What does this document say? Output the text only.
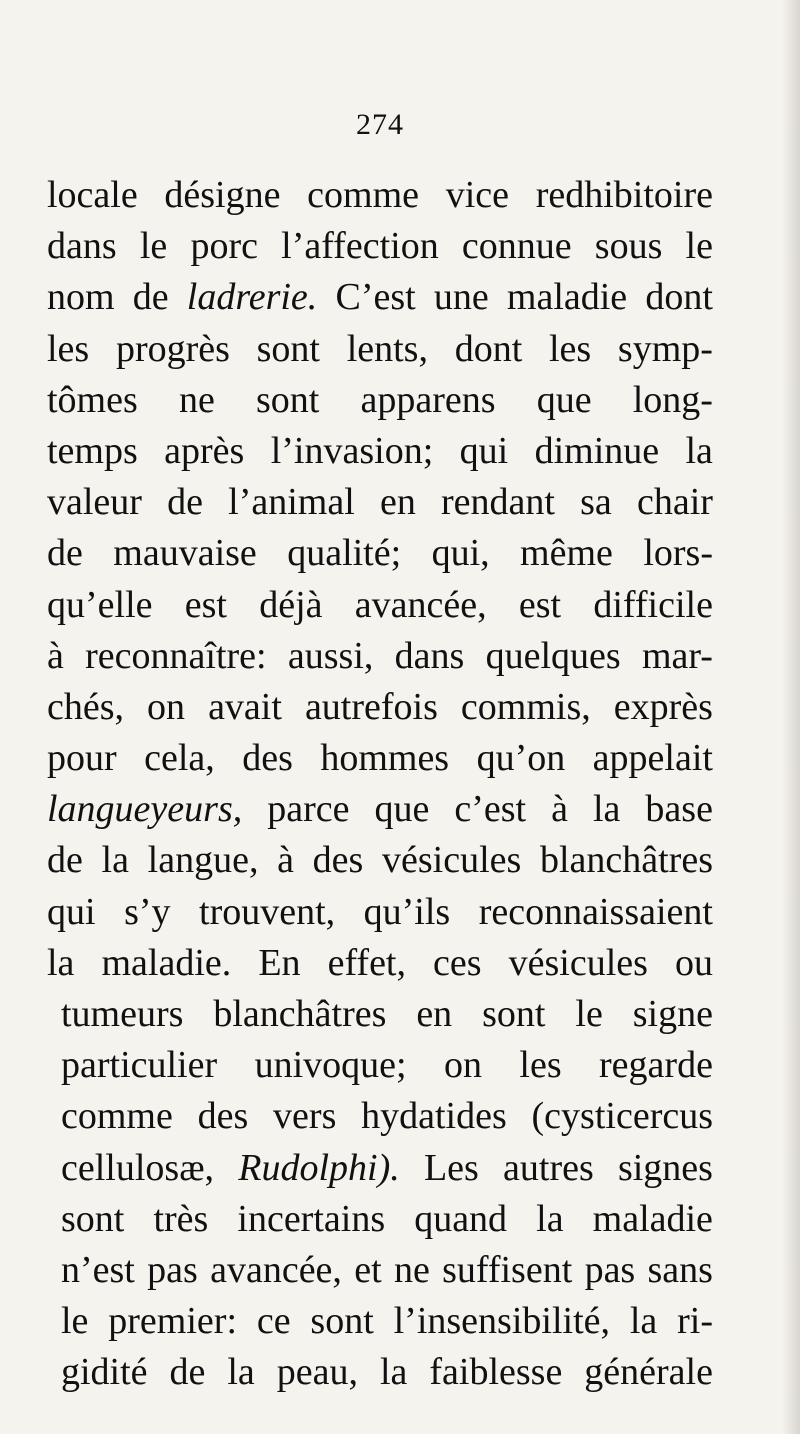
274
locale désigne comme vice redhibitoire
dans le porc l’affection connue sous le
nom de ladrerie. C’est une maladie dont
les progrès sont lents, dont les symp-
tômes ne sont apparens que long-
temps après l’invasion; qui diminue la
valeur de l’animal en rendant sa chair
de mauvaise qualité; qui, même lors-
qu’elle est déjà avancée, est difficile
à reconnaître: aussi, dans quelques mar-
chés, on avait autrefois commis, exprès
pour cela, des hommes qu’on appelait
langueyeurs, parce que c’est à la base
de la langue, à des vésicules blanchâtres
qui s’y trouvent, qu’ils reconnaissaient
la maladie. En effet, ces vésicules ou
tumeurs blanchâtres en sont le signe
particulier univoque; on les regarde
comme des vers hydatides (cysticercus
cellulosæ, Rudolphi). Les autres signes
sont très incertains quand la maladie
n’est pas avancée, et ne suffisent pas sans
le premier: ce sont l’insensibilité, la ri-
gidité de la peau, la faiblesse générale
